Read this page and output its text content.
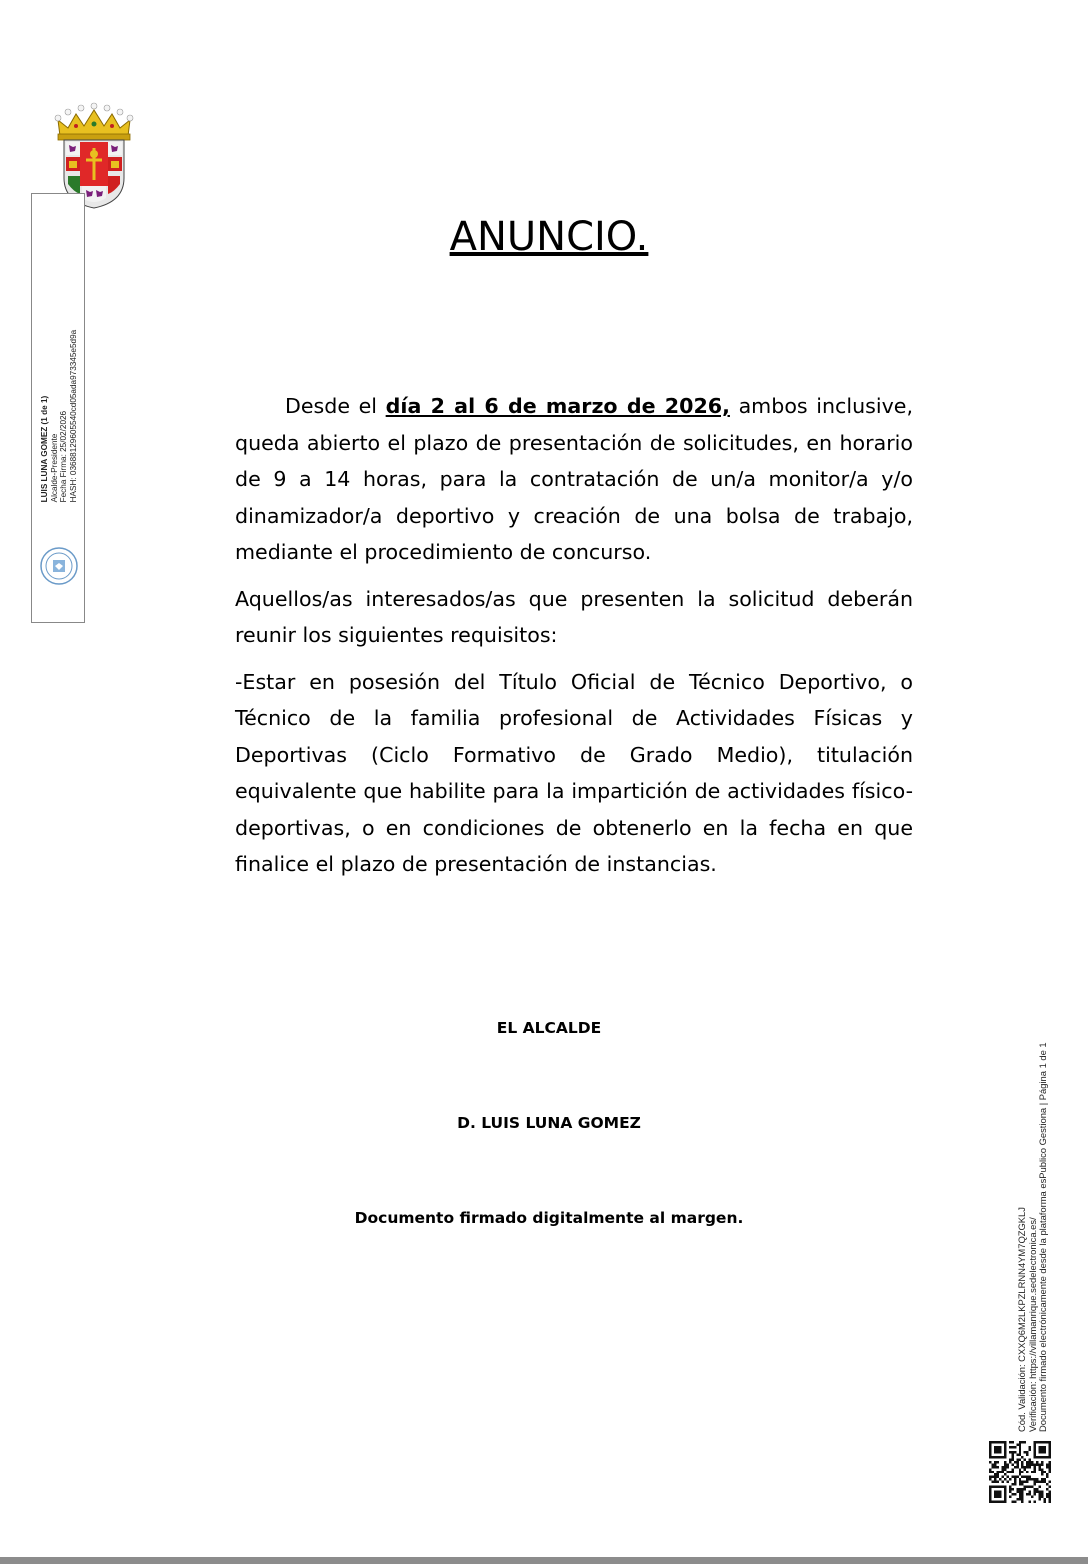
LUIS LUNA GOMEZ (1 de 1) Alcalde-Presidente Fecha Firma: 25/02/2026 HASH: 03688129605540cd05ada973345e5d9a
ANUNCIO.

Desde el día 2 al 6 de marzo de 2026, ambos inclusive, queda abierto el plazo de presentación de solicitudes, en horario de 9 a 14 horas, para la contratación de un/a monitor/a y/o dinamizador/a deportivo y creación de una bolsa de trabajo, mediante el procedimiento de concurso.

Aquellos/as interesados/as que presenten la solicitud deberán reunir los siguientes requisitos:

-Estar en posesión del Título Oficial de Técnico Deportivo, o Técnico de la familia profesional de Actividades Físicas y Deportivas (Ciclo Formativo de Grado Medio), titulación equivalente que habilite para la impartición de actividades físico-deportivas, o en condiciones de obtenerlo en la fecha en que finalice el plazo de presentación de instancias.

EL ALCALDE
D. LUIS LUNA GOMEZ
Documento firmado digitalmente al margen.	Cód. Validación: CXXQ6M2LKPZLRNN4YM7QZGKLJ Verificación: https://villamanrique.sedelectronica.es/ Documento firmado electrónicamente desde la plataforma esPublico Gestiona | Página 1 de 1
